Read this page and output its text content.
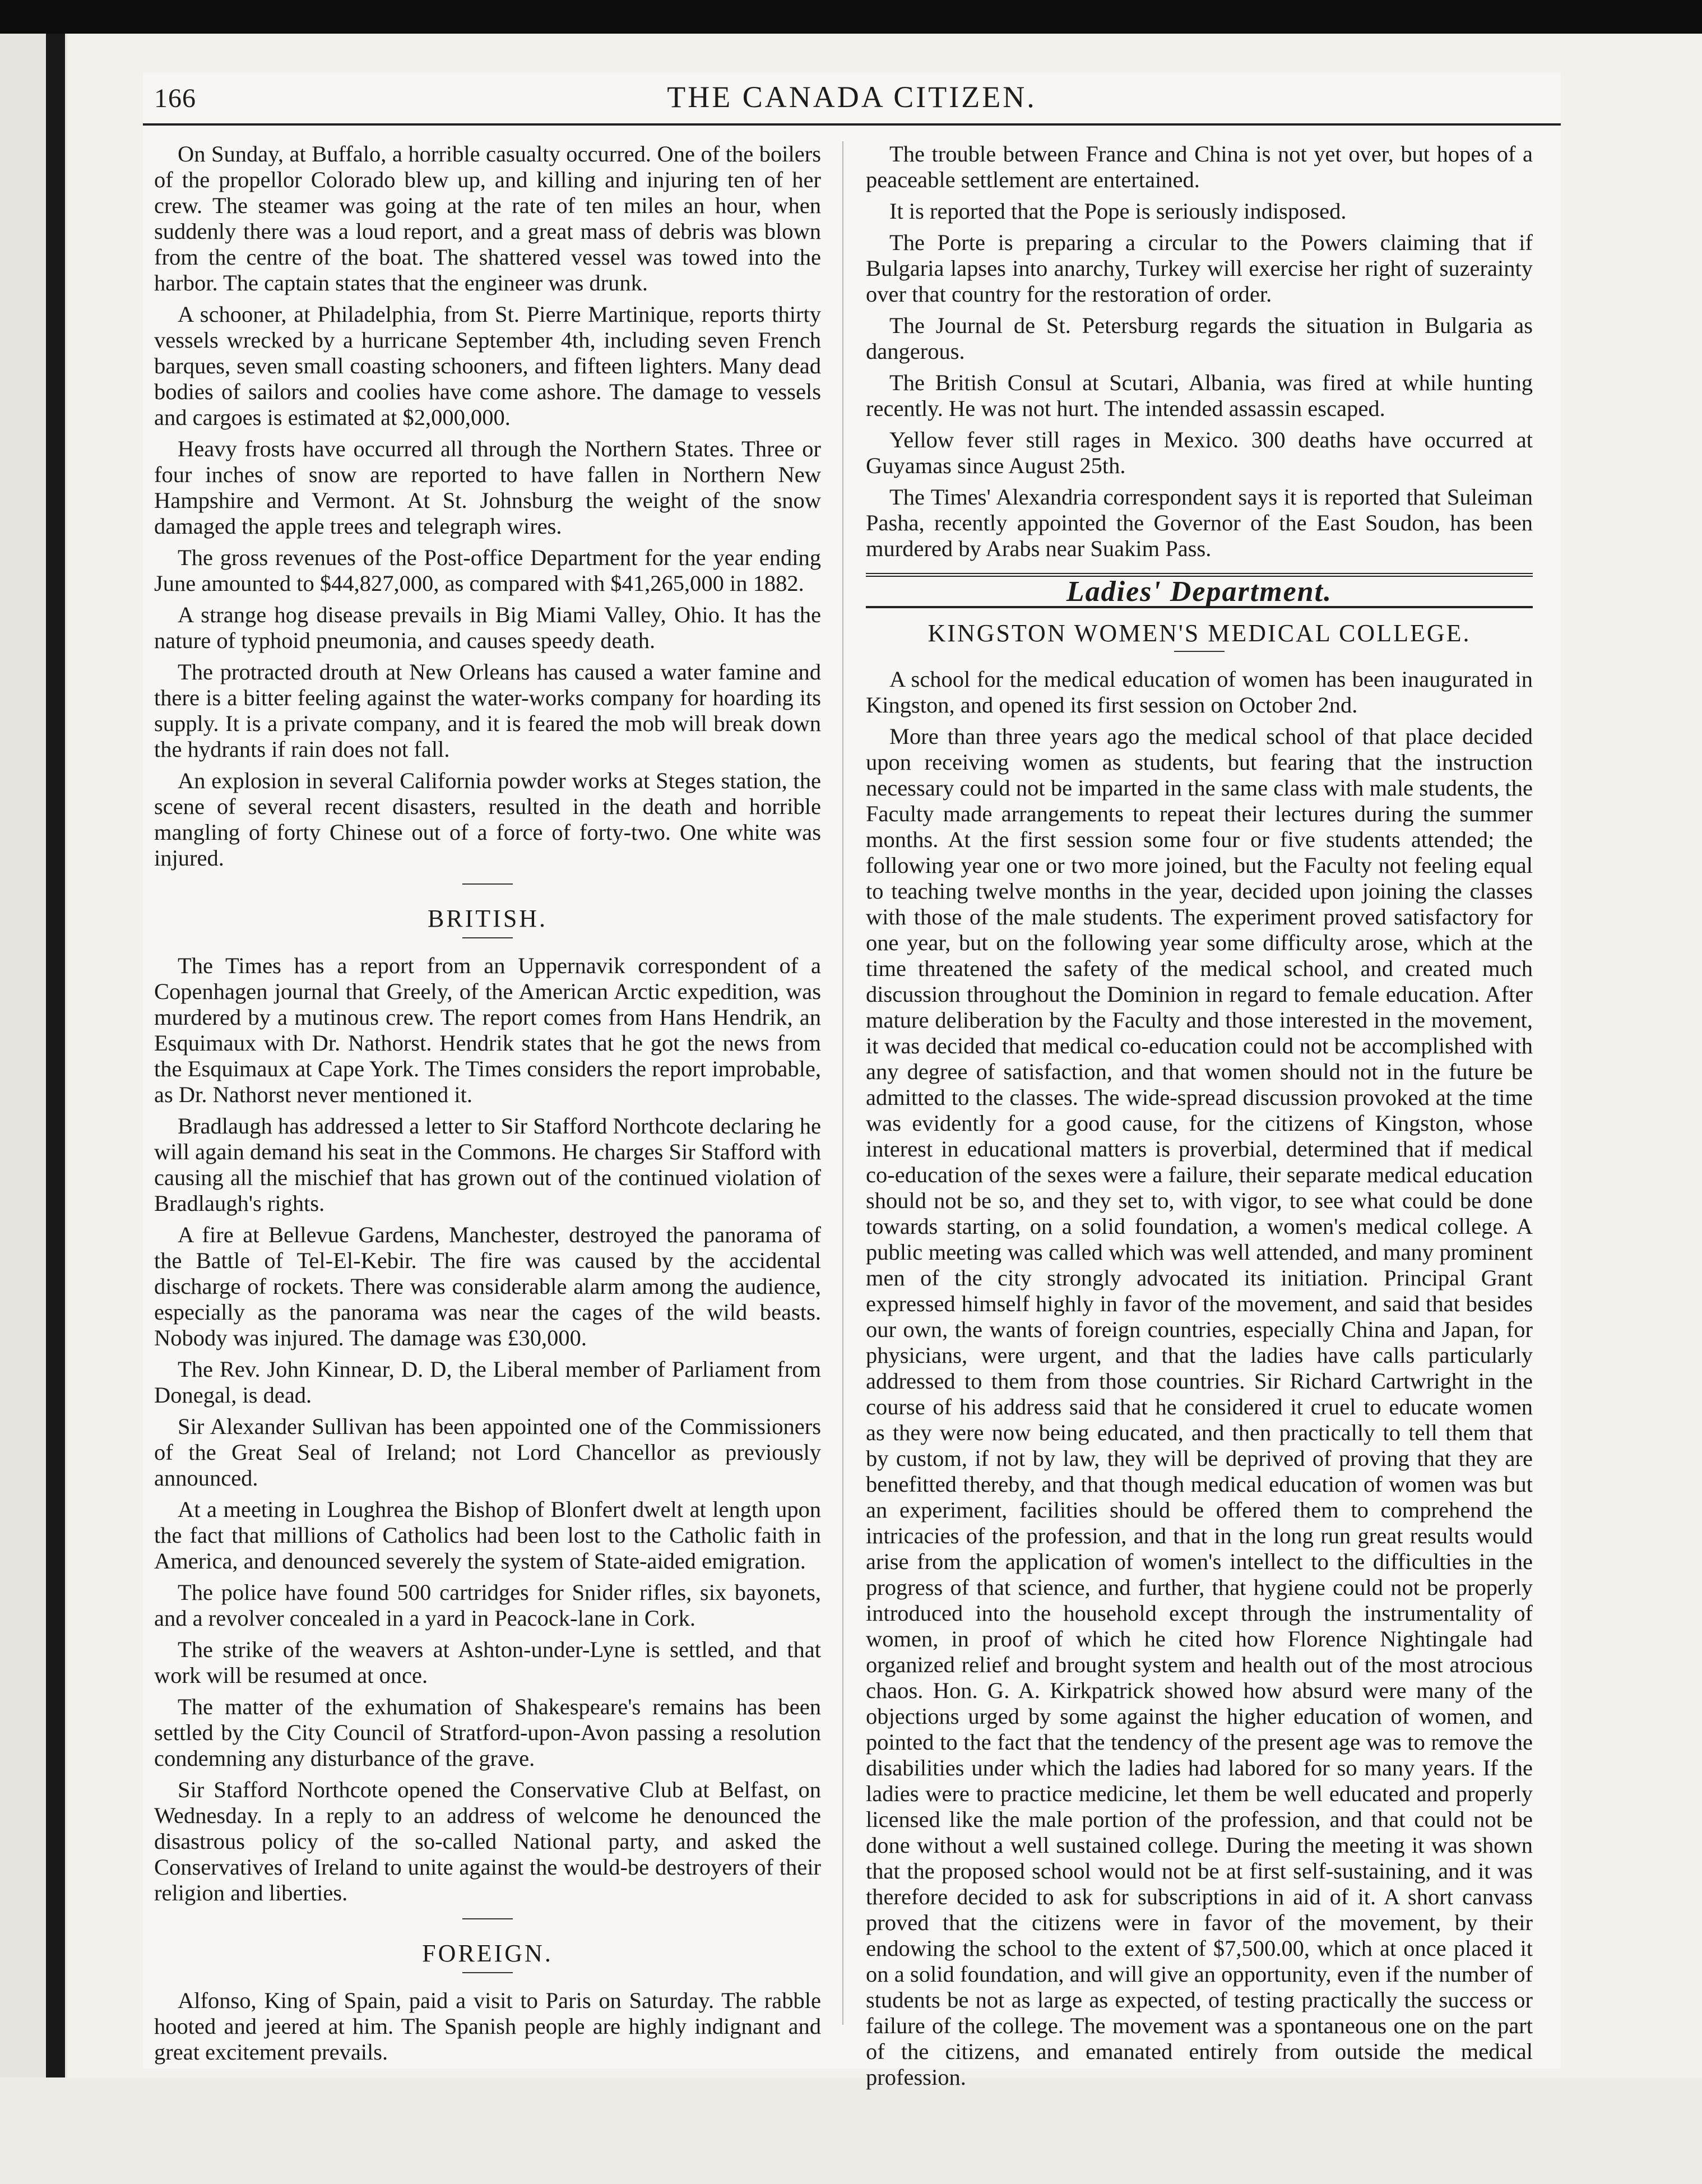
166	THE CANADA CITIZEN.

On Sunday, at Buffalo, a horrible casualty occurred. One of the boilers of the propellor Colorado blew up, and killing and injuring ten of her crew. The steamer was going at the rate of ten miles an hour, when suddenly there was a loud report, and a great mass of debris was blown from the centre of the boat. The shattered vessel was towed into the harbor. The captain states that the engineer was drunk.

A schooner, at Philadelphia, from St. Pierre Martinique, reports thirty vessels wrecked by a hurricane September 4th, including seven French barques, seven small coasting schooners, and fifteen lighters. Many dead bodies of sailors and coolies have come ashore. The damage to vessels and cargoes is estimated at $2,000,000.

Heavy frosts have occurred all through the Northern States. Three or four inches of snow are reported to have fallen in Northern New Hampshire and Vermont. At St. Johnsburg the weight of the snow damaged the apple trees and telegraph wires.

The gross revenues of the Post-office Department for the year ending June amounted to $44,827,000, as compared with $41,265,000 in 1882.

A strange hog disease prevails in Big Miami Valley, Ohio. It has the nature of typhoid pneumonia, and causes speedy death.

The protracted drouth at New Orleans has caused a water famine and there is a bitter feeling against the water-works company for hoarding its supply. It is a private company, and it is feared the mob will break down the hydrants if rain does not fall.

An explosion in several California powder works at Steges station, the scene of several recent disasters, resulted in the death and horrible mangling of forty Chinese out of a force of forty-two. One white was injured.

BRITISH.

The Times has a report from an Uppernavik correspondent of a Copenhagen journal that Greely, of the American Arctic expedition, was murdered by a mutinous crew. The report comes from Hans Hendrik, an Esquimaux with Dr. Nathorst. Hendrik states that he got the news from the Esquimaux at Cape York. The Times considers the report improbable, as Dr. Nathorst never mentioned it.

Bradlaugh has addressed a letter to Sir Stafford Northcote declaring he will again demand his seat in the Commons. He charges Sir Stafford with causing all the mischief that has grown out of the continued violation of Bradlaugh's rights.

A fire at Bellevue Gardens, Manchester, destroyed the panorama of the Battle of Tel-El-Kebir. The fire was caused by the accidental discharge of rockets. There was considerable alarm among the audience, especially as the panorama was near the cages of the wild beasts. Nobody was injured. The damage was £30,000.

The Rev. John Kinnear, D. D, the Liberal member of Parliament from Donegal, is dead.

Sir Alexander Sullivan has been appointed one of the Commissioners of the Great Seal of Ireland; not Lord Chancellor as previously announced.

At a meeting in Loughrea the Bishop of Blonfert dwelt at length upon the fact that millions of Catholics had been lost to the Catholic faith in America, and denounced severely the system of State-aided emigration.

The police have found 500 cartridges for Snider rifles, six bayonets, and a revolver concealed in a yard in Peacock-lane in Cork.

The strike of the weavers at Ashton-under-Lyne is settled, and that work will be resumed at once.

The matter of the exhumation of Shakespeare's remains has been settled by the City Council of Stratford-upon-Avon passing a resolution condemning any disturbance of the grave.

Sir Stafford Northcote opened the Conservative Club at Belfast, on Wednesday. In a reply to an address of welcome he denounced the disastrous policy of the so-called National party, and asked the Conservatives of Ireland to unite against the would-be destroyers of their religion and liberties.

FOREIGN.

Alfonso, King of Spain, paid a visit to Paris on Saturday. The rabble hooted and jeered at him. The Spanish people are highly indignant and great excitement prevails.

The trouble between France and China is not yet over, but hopes of a peaceable settlement are entertained.

It is reported that the Pope is seriously indisposed.

The Porte is preparing a circular to the Powers claiming that if Bulgaria lapses into anarchy, Turkey will exercise her right of suzerainty over that country for the restoration of order.

The Journal de St. Petersburg regards the situation in Bulgaria as dangerous.

The British Consul at Scutari, Albania, was fired at while hunting recently. He was not hurt. The intended assassin escaped.

Yellow fever still rages in Mexico. 300 deaths have occurred at Guyamas since August 25th.

The Times' Alexandria correspondent says it is reported that Suleiman Pasha, recently appointed the Governor of the East Soudon, has been murdered by Arabs near Suakim Pass.

Ladies' Department.
KINGSTON WOMEN'S MEDICAL COLLEGE.

A school for the medical education of women has been inaugurated in Kingston, and opened its first session on October 2nd.

More than three years ago the medical school of that place decided upon receiving women as students, but fearing that the instruction necessary could not be imparted in the same class with male students, the Faculty made arrangements to repeat their lectures during the summer months. At the first session some four or five students attended; the following year one or two more joined, but the Faculty not feeling equal to teaching twelve months in the year, decided upon joining the classes with those of the male students. The experiment proved satisfactory for one year, but on the following year some difficulty arose, which at the time threatened the safety of the medical school, and created much discussion throughout the Dominion in regard to female education. After mature deliberation by the Faculty and those interested in the movement, it was decided that medical co-education could not be accomplished with any degree of satisfaction, and that women should not in the future be admitted to the classes. The wide-spread discussion provoked at the time was evidently for a good cause, for the citizens of Kingston, whose interest in educational matters is proverbial, determined that if medical co-education of the sexes were a failure, their separate medical education should not be so, and they set to, with vigor, to see what could be done towards starting, on a solid foundation, a women's medical college. A public meeting was called which was well attended, and many prominent men of the city strongly advocated its initiation. Principal Grant expressed himself highly in favor of the movement, and said that besides our own, the wants of foreign countries, especially China and Japan, for physicians, were urgent, and that the ladies have calls particularly addressed to them from those countries. Sir Richard Cartwright in the course of his address said that he considered it cruel to educate women as they were now being educated, and then practically to tell them that by custom, if not by law, they will be deprived of proving that they are benefitted thereby, and that though medical education of women was but an experiment, facilities should be offered them to comprehend the intricacies of the profession, and that in the long run great results would arise from the application of women's intellect to the difficulties in the progress of that science, and further, that hygiene could not be properly introduced into the household except through the instrumentality of women, in proof of which he cited how Florence Nightingale had organized relief and brought system and health out of the most atrocious chaos. Hon. G. A. Kirkpatrick showed how absurd were many of the objections urged by some against the higher education of women, and pointed to the fact that the tendency of the present age was to remove the disabilities under which the ladies had labored for so many years. If the ladies were to practice medicine, let them be well educated and properly licensed like the male portion of the profession, and that could not be done without a well sustained college. During the meeting it was shown that the proposed school would not be at first self-sustaining, and it was therefore decided to ask for subscriptions in aid of it. A short canvass proved that the citizens were in favor of the movement, by their endowing the school to the extent of $7,500.00, which at once placed it on a solid foundation, and will give an opportunity, even if the number of students be not as large as expected, of testing practically the success or failure of the college. The movement was a spontaneous one on the part of the citizens, and emanated entirely from outside the medical profession.
